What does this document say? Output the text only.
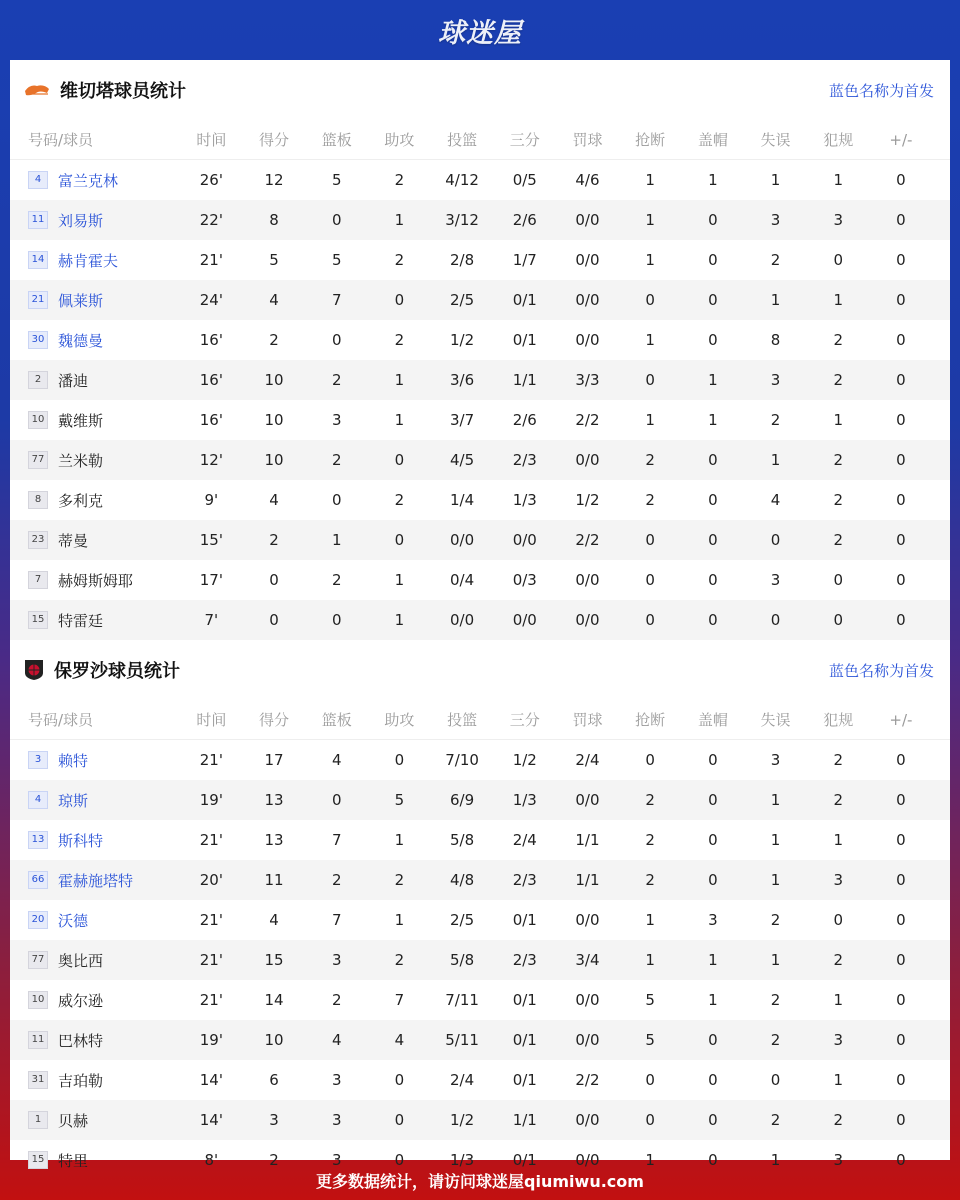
球迷屋
维切塔球员统计	蓝色名称为首发
号码/球员	时间	得分	篮板	助攻	投篮	三分	罚球	抢断	盖帽	失误	犯规	+/-
4	富兰克林	26'	12	5	2	4/12	0/5	4/6	1	1	1	1	0
11 刘易斯	22'	8	0	1	3/12	2/6	0/0	1	0	3	3	0
14 赫肯霍夫	21'	5	5	2	2/8	1/7	0/0	1	0	2	0	0
21 佩莱斯	24'	4	7	0	2/5	0/1	0/0	0	0	1	1	0
30 魏德曼	16'	2	0	2	1/2	0/1	0/0	1	0	8	2	0
2	潘迪	16'	10	2	1	3/6	1/1	3/3	0	1	3	2	0
10 戴维斯	16'	10	3	1	3/7	2/6	2/2	1	1	2	1	0
77 兰米勒	12'	10	2	0	4/5	2/3	0/0	2	0	1	2	0
8	多利克	9'	4	0	2	1/4	1/3	1/2	2	0	4	2	0
23 蒂曼	15'	2	1	0	0/0	0/0	2/2	0	0	0	2	0
7	赫姆斯姆耶	17'	0	2	1	0/4	0/3	0/0	0	0	3	0	0
15 特雷廷	7'	0	0	1	0/0	0/0	0/0	0	0	0	0	0
保罗沙球员统计	蓝色名称为首发
号码/球员	时间	得分	篮板	助攻	投篮	三分	罚球	抢断	盖帽	失误	犯规	+/-
3	赖特	21'	17	4	0	7/10	1/2	2/4	0	0	3	2	0
4	琼斯	19'	13	0	5	6/9	1/3	0/0	2	0	1	2	0
13 斯科特	21'	13	7	1	5/8	2/4	1/1	2	0	1	1	0
66 霍赫施塔特	20'	11	2	2	4/8	2/3	1/1	2	0	1	3	0
20 沃德	21'	4	7	1	2/5	0/1	0/0	1	3	2	0	0
77 奥比西	21'	15	3	2	5/8	2/3	3/4	1	1	1	2	0
10 威尔逊	21'	14	2	7	7/11	0/1	0/0	5	1	2	1	0
11 巴林特	19'	10	4	4	5/11	0/1	0/0	5	0	2	3	0
31 吉珀勒	14'	6	3	0	2/4	0/1	2/2	0	0	0	1	0
1	贝赫	14'	3	3	0	1/2	1/1	0/0	0	0	2	2	0
15 特里	8'	2	3	0	1/3	0/1	0/0	1	0	1	3	0
更多数据统计，请访问球迷屋qiumiwu.com
